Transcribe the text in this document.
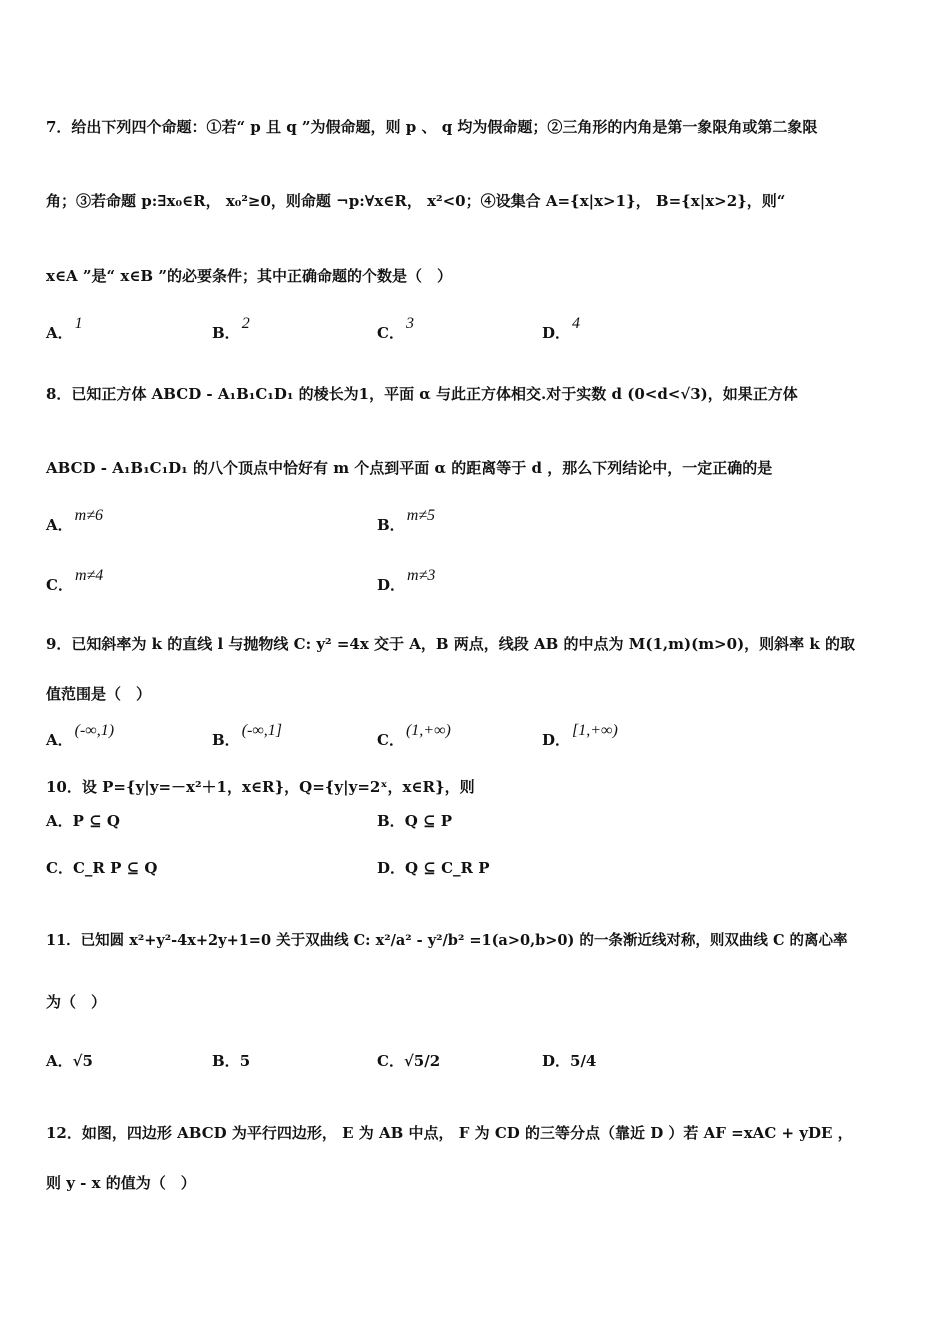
7．给出下列四个命题：①若“ p 且 q ”为假命题，则 p 、 q 均为假命题；②三角形的内角是第一象限角或第二象限
角；③若命题 p:∃x₀∈R， x₀²≥0，则命题 ¬p:∀x∈R， x²<0；④设集合 A={x|x>1}， B={x|x>2}，则“
x∈A ”是“ x∈B ”的必要条件；其中正确命题的个数是（　）
A．1
B．2
C．3
D．4
8．已知正方体 ABCD - A₁B₁C₁D₁ 的棱长为1，平面 α 与此正方体相交.对于实数 d (0<d<√3)，如果正方体
ABCD - A₁B₁C₁D₁ 的八个顶点中恰好有 m 个点到平面 α 的距离等于 d ，那么下列结论中，一定正确的是
A．m≠6
B．m≠5
C．m≠4
D．m≠3
9．已知斜率为 k 的直线 l 与抛物线 C: y² =4x 交于 A，B 两点，线段 AB 的中点为 M(1,m)(m>0)，则斜率 k 的取
值范围是（　）
A．(-∞,1)
B．(-∞,1]
C．(1,+∞)
D．[1,+∞)
10．设 P={y|y=－x²＋1，x∈R}，Q={y|y=2ˣ，x∈R}，则
A．P ⊆ Q	B．Q ⊆ P
C．C_R P ⊆ Q	D．Q ⊆ C_R P
11．已知圆 x²+y²-4x+2y+1=0 关于双曲线 C: x²/a² - y²/b² =1(a>0,b>0) 的一条渐近线对称，则双曲线 C 的离心率
为（　）
A．√5	B．5	C．√5/2	D．5/4
12．如图，四边形 ABCD 为平行四边形， E 为 AB 中点， F 为 CD 的三等分点（靠近 D ）若 AF =xAC + yDE ，
则 y - x 的值为（　）
